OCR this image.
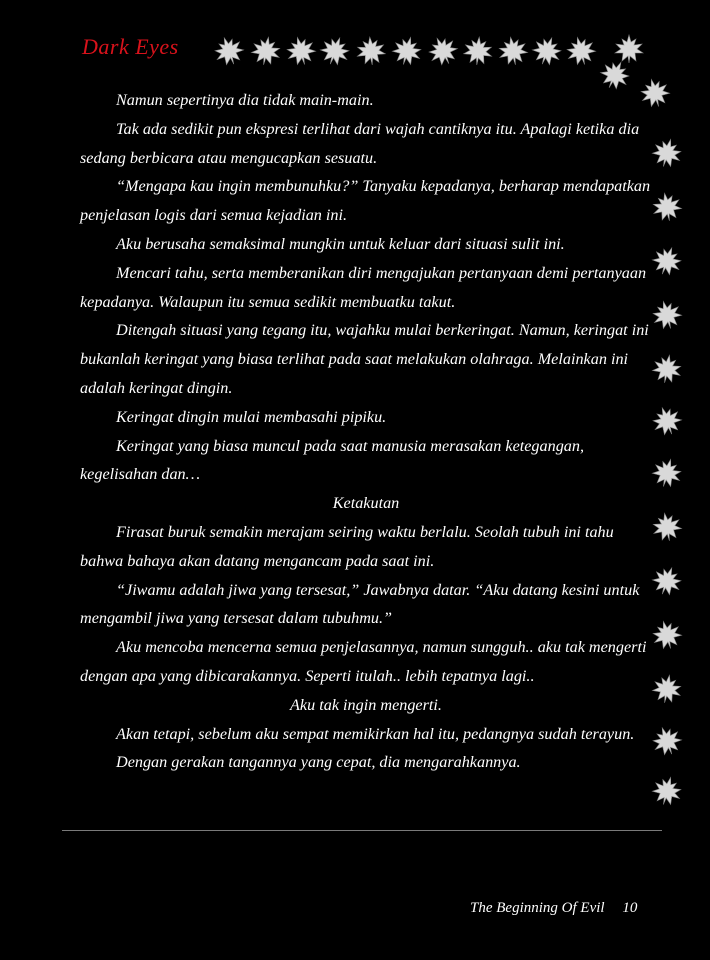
Dark Eyes

Namun sepertinya dia tidak main-main.

Tak ada sedikit pun ekspresi terlihat dari wajah cantiknya itu. Apalagi ketika dia sedang berbicara atau mengucapkan sesuatu.

“Mengapa kau ingin membunuhku?” Tanyaku kepadanya, berharap mendapatkan penjelasan logis dari semua kejadian ini.

Aku berusaha semaksimal mungkin untuk keluar dari situasi sulit ini.

Mencari tahu, serta memberanikan diri mengajukan pertanyaan demi pertanyaan kepadanya. Walaupun itu semua sedikit membuatku takut.

Ditengah situasi yang tegang itu, wajahku mulai berkeringat. Namun, keringat ini bukanlah keringat yang biasa terlihat pada saat melakukan olahraga. Melainkan ini adalah keringat dingin.

Keringat dingin mulai membasahi pipiku.

Keringat yang biasa muncul pada saat manusia merasakan ketegangan, kegelisahan dan…

Ketakutan

Firasat buruk semakin merajam seiring waktu berlalu. Seolah tubuh ini tahu bahwa bahaya akan datang mengancam pada saat ini.

“Jiwamu adalah jiwa yang tersesat,” Jawabnya datar. “Aku datang kesini untuk mengambil jiwa yang tersesat dalam tubuhmu.”

Aku mencoba mencerna semua penjelasannya, namun sungguh.. aku tak mengerti dengan apa yang dibicarakannya. Seperti itulah.. lebih tepatnya lagi..

Aku tak ingin mengerti.

Akan tetapi, sebelum aku sempat memikirkan hal itu, pedangnya sudah terayun.

Dengan gerakan tangannya yang cepat, dia mengarahkannya.

The Beginning Of Evil 10
